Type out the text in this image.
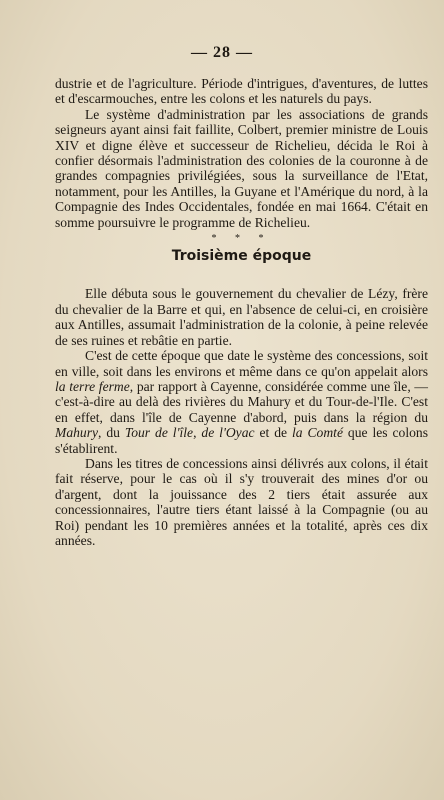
— 28 —

dustrie et de l'agriculture. Période d'intrigues, d'aventures, de luttes et d'escarmouches, entre les colons et les naturels du pays.

Le système d'administration par les associations de grands seigneurs ayant ainsi fait faillite, Colbert, premier ministre de Louis XIV et digne élève et successeur de Richelieu, décida le Roi à confier désormais l'administration des colonies de la couronne à de grandes compagnies privilégiées, sous la surveillance de l'Etat, notamment, pour les Antilles, la Guyane et l'Amérique du nord, à la Compagnie des Indes Occidentales, fondée en mai 1664. C'était en somme poursuivre le programme de Richelieu.

* * *
Troisième époque

Elle débuta sous le gouvernement du chevalier de Lézy, frère du chevalier de la Barre et qui, en l'absence de celui-ci, en croisière aux Antilles, assumait l'administration de la colonie, à peine relevée de ses ruines et rebâtie en partie.

C'est de cette époque que date le système des concessions, soit en ville, soit dans les environs et même dans ce qu'on appelait alors la terre ferme, par rapport à Cayenne, considérée comme une île, — c'est-à-dire au delà des rivières du Mahury et du Tour-de-l'Ile. C'est en effet, dans l'île de Cayenne d'abord, puis dans la région du Mahury, du Tour de l'île, de l'Oyac et de la Comté que les colons s'établirent.

Dans les titres de concessions ainsi délivrés aux colons, il était fait réserve, pour le cas où il s'y trouverait des mines d'or ou d'argent, dont la jouissance des 2 tiers était assurée aux concessionnaires, l'autre tiers étant laissé à la Compagnie (ou au Roi) pendant les 10 premières années et la totalité, après ces dix années.
